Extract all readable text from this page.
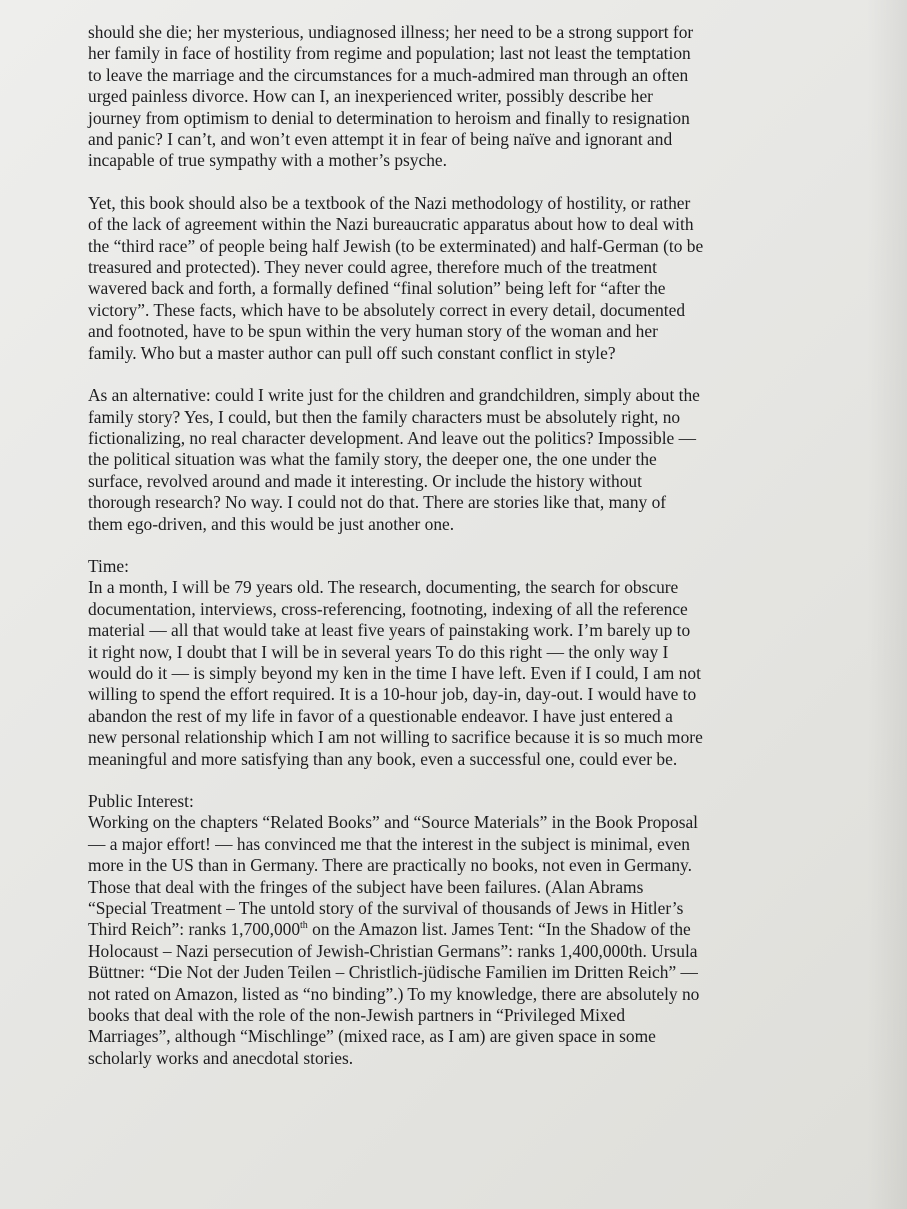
should she die; her mysterious, undiagnosed illness; her need to be a strong support for
her family in face of hostility from regime and population; last not least the temptation
to leave the marriage and the circumstances for a much-admired man through an often
urged painless divorce. How can I, an inexperienced writer, possibly describe her
journey from optimism to denial to determination to heroism and finally to resignation
and panic? I can’t, and won’t even attempt it in fear of being naïve and ignorant and
incapable of true sympathy with a mother’s psyche.

Yet, this book should also be a textbook of the Nazi methodology of hostility, or rather
of the lack of agreement within the Nazi bureaucratic apparatus about how to deal with
the “third race” of people being half Jewish (to be exterminated) and half-German (to be
treasured and protected). They never could agree, therefore much of the treatment
wavered back and forth, a formally defined “final solution” being left for “after the
victory”. These facts, which have to be absolutely correct in every detail, documented
and footnoted, have to be spun within the very human story of the woman and her
family. Who but a master author can pull off such constant conflict in style?

As an alternative: could I write just for the children and grandchildren, simply about the
family story? Yes, I could, but then the family characters must be absolutely right, no
fictionalizing, no real character development. And leave out the politics? Impossible —
the political situation was what the family story, the deeper one, the one under the
surface, revolved around and made it interesting. Or include the history without
thorough research? No way. I could not do that. There are stories like that, many of
them ego-driven, and this would be just another one.

Time:
In a month, I will be 79 years old. The research, documenting, the search for obscure
documentation, interviews, cross-referencing, footnoting, indexing of all the reference
material — all that would take at least five years of painstaking work. I’m barely up to
it right now, I doubt that I will be in several years To do this right — the only way I
would do it — is simply beyond my ken in the time I have left. Even if I could, I am not
willing to spend the effort required. It is a 10-hour job, day-in, day-out. I would have to
abandon the rest of my life in favor of a questionable endeavor. I have just entered a
new personal relationship which I am not willing to sacrifice because it is so much more
meaningful and more satisfying than any book, even a successful one, could ever be.

Public Interest:
Working on the chapters “Related Books” and “Source Materials” in the Book Proposal
— a major effort! — has convinced me that the interest in the subject is minimal, even
more in the US than in Germany. There are practically no books, not even in Germany.
Those that deal with the fringes of the subject have been failures. (Alan Abrams
“Special Treatment – The untold story of the survival of thousands of Jews in Hitler’s
Third Reich”: ranks 1,700,000th on the Amazon list. James Tent: “In the Shadow of the
Holocaust – Nazi persecution of Jewish-Christian Germans”: ranks 1,400,000th. Ursula
Büttner: “Die Not der Juden Teilen – Christlich-jüdische Familien im Dritten Reich” —
not rated on Amazon, listed as “no binding”.) To my knowledge, there are absolutely no
books that deal with the role of the non-Jewish partners in “Privileged Mixed
Marriages”, although “Mischlinge” (mixed race, as I am) are given space in some
scholarly works and anecdotal stories.
